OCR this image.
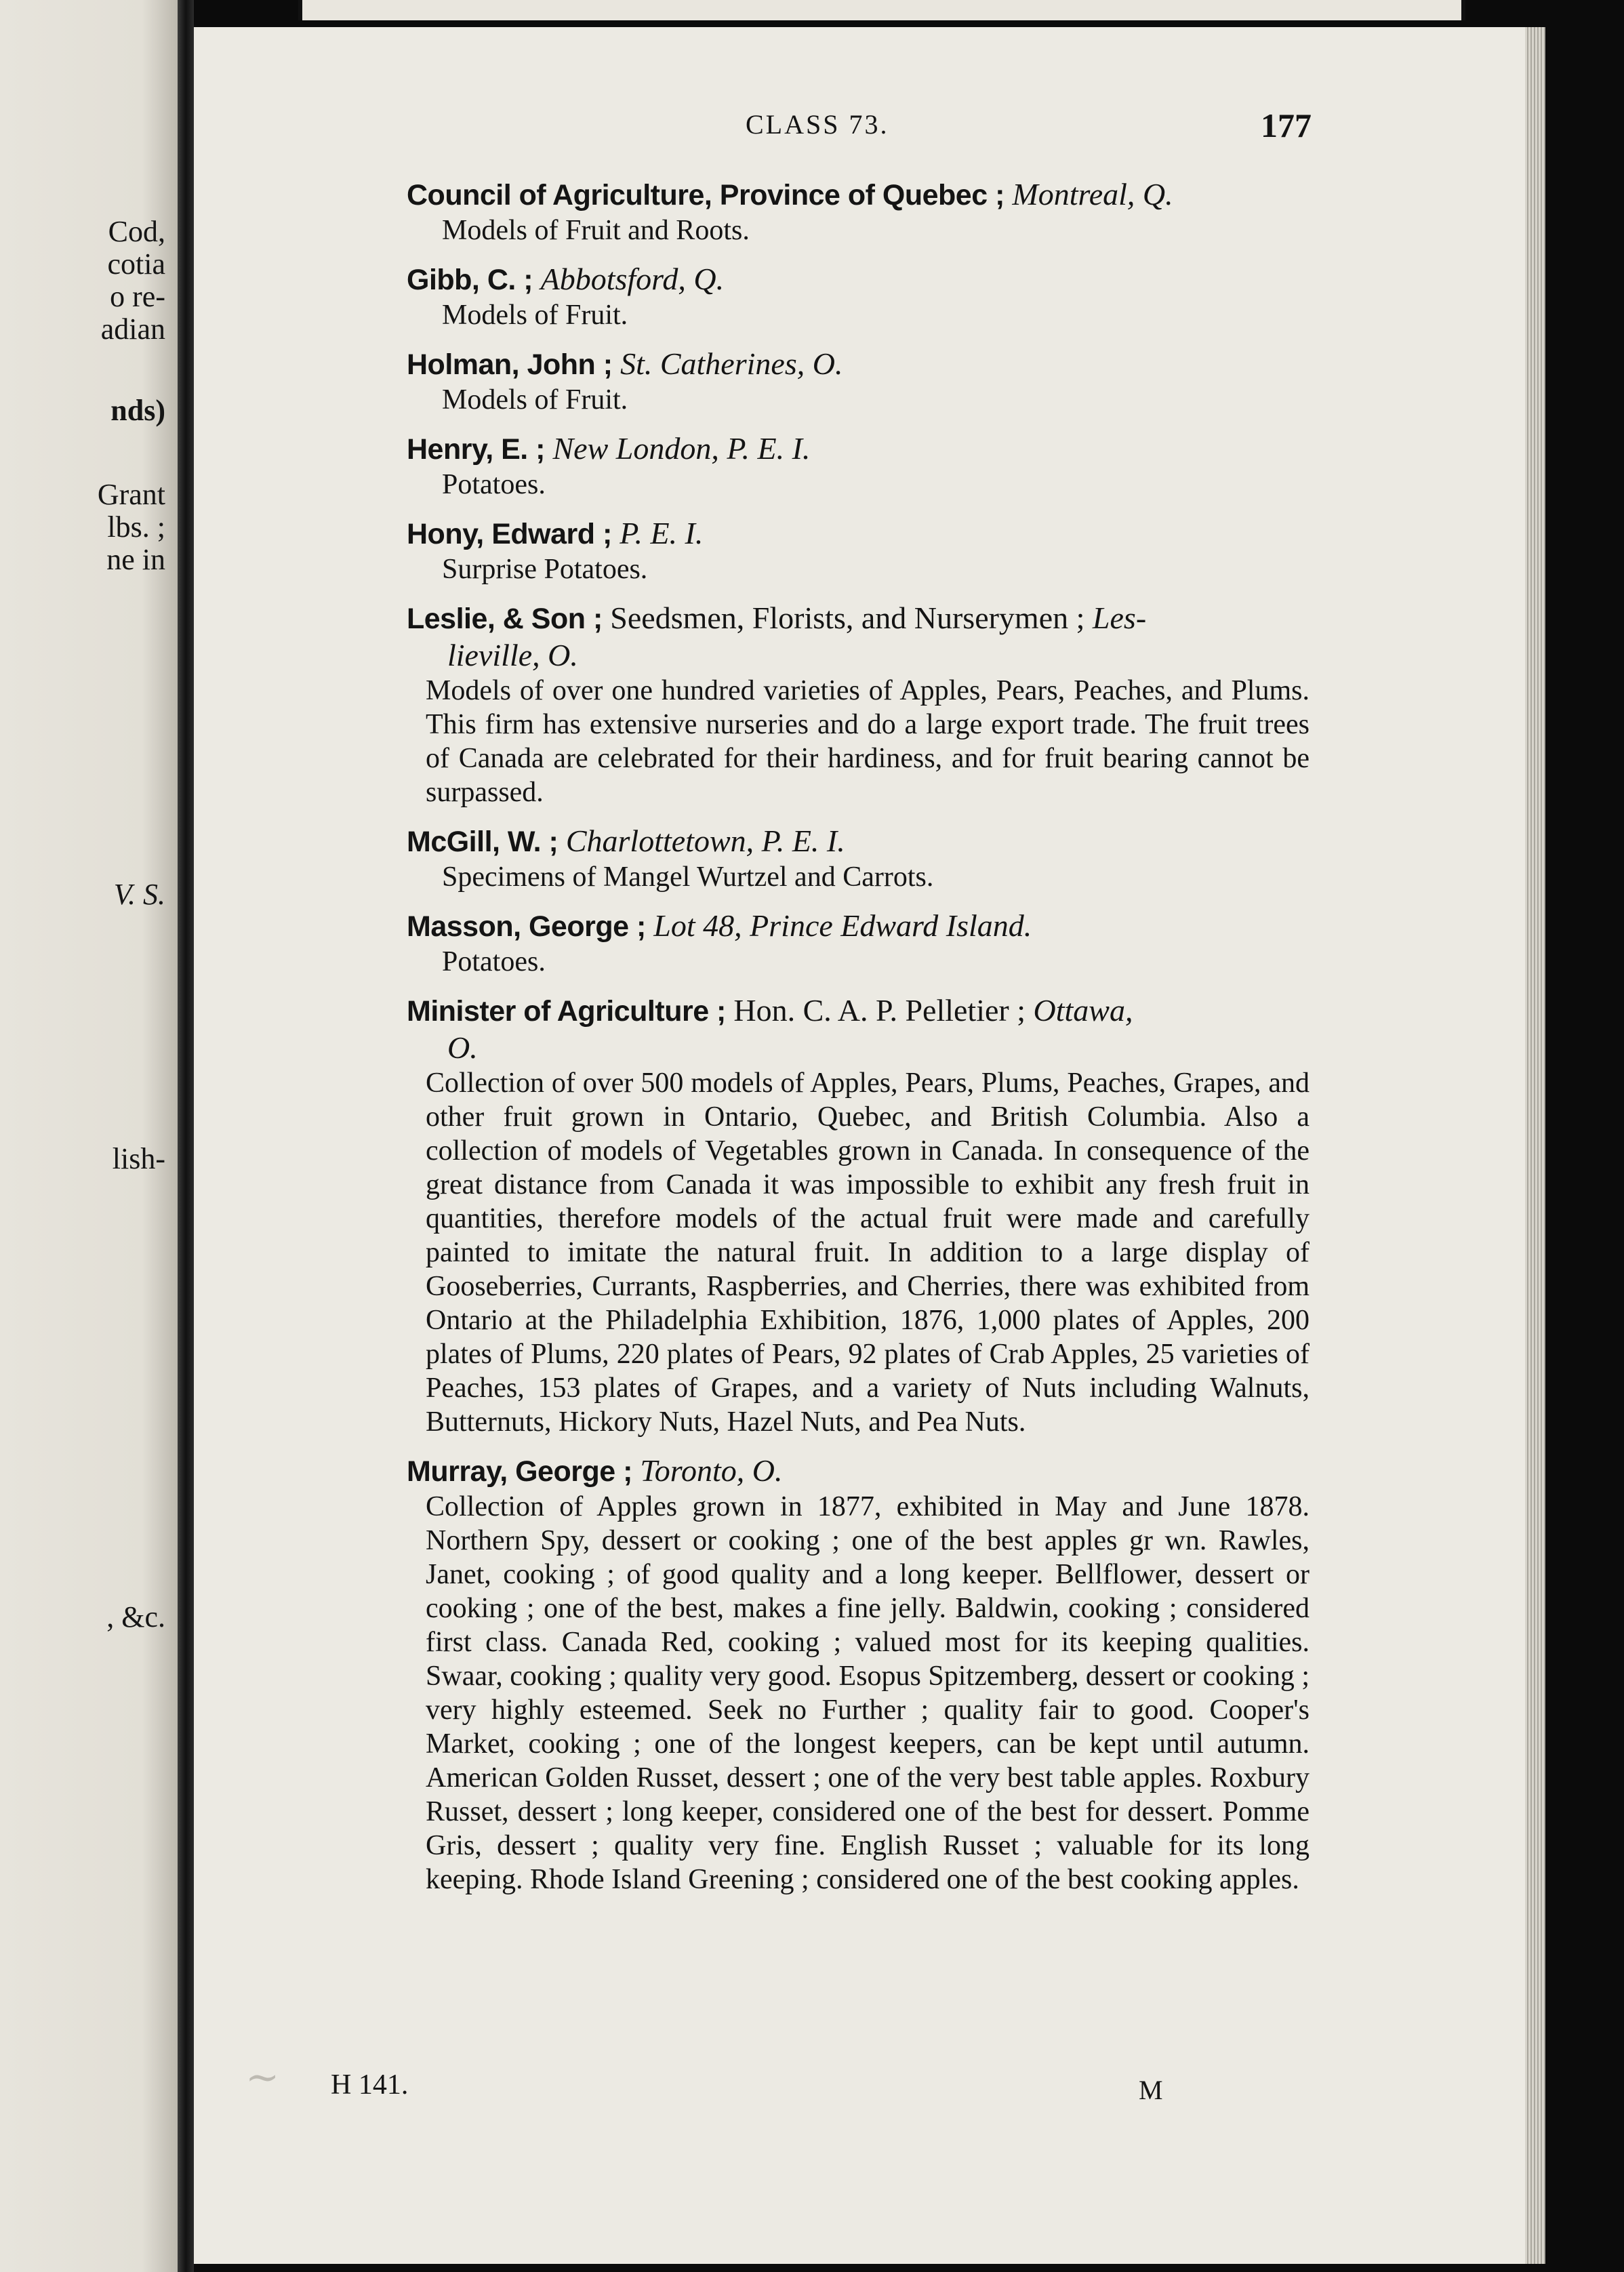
Cod,
cotia
o re-
adian
nds)
Grant
lbs. ;
ne in
V. S.
lish-
, &c.
CLASS 73.	177
Council of Agriculture, Province of Quebec ; Montreal, Q.
Models of Fruit and Roots.
Gibb, C. ; Abbotsford, Q.
Models of Fruit.
Holman, John ; St. Catherines, O.
Models of Fruit.
Henry, E. ; New London, P. E. I.
Potatoes.
Hony, Edward ; P. E. I.
Surprise Potatoes.
Leslie, & Son ; Seedsmen, Florists, and Nurserymen ; Les-
lieville, O.
Models of over one hundred varieties of Apples, Pears, Peaches, and Plums. This firm has extensive nurseries and do a large export trade. The fruit trees of Canada are celebrated for their hardiness, and for fruit bearing cannot be surpassed.
McGill, W. ; Charlottetown, P. E. I.
Specimens of Mangel Wurtzel and Carrots.
Masson, George ; Lot 48, Prince Edward Island.
Potatoes.
Minister of Agriculture ; Hon. C. A. P. Pelletier ; Ottawa,
O.
Collection of over 500 models of Apples, Pears, Plums, Peaches, Grapes, and other fruit grown in Ontario, Quebec, and British Columbia. Also a collection of models of Vegetables grown in Canada. In consequence of the great distance from Canada it was impossible to exhibit any fresh fruit in quantities, therefore models of the actual fruit were made and carefully painted to imitate the natural fruit. In addition to a large display of Gooseberries, Currants, Raspberries, and Cherries, there was exhibited from Ontario at the Philadelphia Exhibition, 1876, 1,000 plates of Apples, 200 plates of Plums, 220 plates of Pears, 92 plates of Crab Apples, 25 varieties of Peaches, 153 plates of Grapes, and a variety of Nuts including Walnuts, Butternuts, Hickory Nuts, Hazel Nuts, and Pea Nuts.
Murray, George ; Toronto, O.
Collection of Apples grown in 1877, exhibited in May and June 1878. Northern Spy, dessert or cooking ; one of the best apples gr wn. Rawles, Janet, cooking ; of good quality and a long keeper. Bellflower, dessert or cooking ; one of the best, makes a fine jelly. Baldwin, cooking ; considered first class. Canada Red, cooking ; valued most for its keeping qualities. Swaar, cooking ; quality very good. Esopus Spitzemberg, dessert or cooking ; very highly esteemed. Seek no Further ; quality fair to good. Cooper's Market, cooking ; one of the longest keepers, can be kept until autumn. American Golden Russet, dessert ; one of the very best table apples. Roxbury Russet, dessert ; long keeper, considered one of the best for dessert. Pomme Gris, dessert ; quality very fine. English Russet ; valuable for its long keeping. Rhode Island Greening ; considered one of the best cooking apples.
~ H 141.	M
